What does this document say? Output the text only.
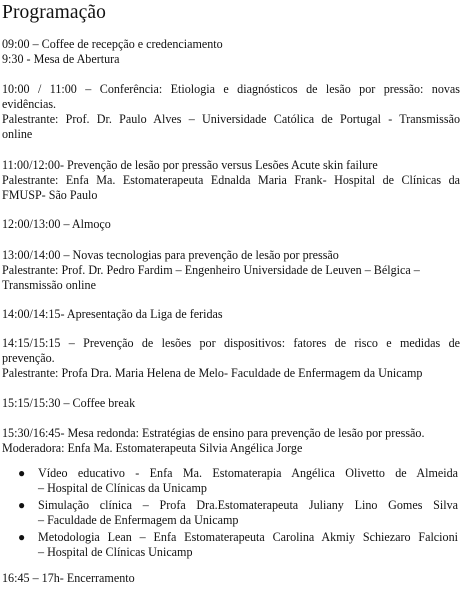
Programação
09:00 – Coffee de recepção e credenciamento
9:30 - Mesa de Abertura
10:00 / 11:00 – Conferência: Etiologia e diagnósticos de lesão por pressão: novas
evidências.
Palestrante: Prof. Dr. Paulo Alves – Universidade Católica de Portugal - Transmissão
online
11:00/12:00- Prevenção de lesão por pressão versus Lesões Acute skin failure
Palestrante: Enfa Ma. Estomaterapeuta Ednalda Maria Frank- Hospital de Clínicas da
FMUSP- São Paulo
12:00/13:00 – Almoço
13:00/14:00 – Novas tecnologias para prevenção de lesão por pressão
Palestrante: Prof. Dr. Pedro Fardim – Engenheiro Universidade de Leuven – Bélgica –
Transmissão online
14:00/14:15- Apresentação da Liga de feridas
14:15/15:15 – Prevenção de lesões por dispositivos: fatores de risco e medidas de
prevenção.
Palestrante: Profa Dra. Maria Helena de Melo- Faculdade de Enfermagem da Unicamp
15:15/15:30 – Coffee break
15:30/16:45- Mesa redonda: Estratégias de ensino para prevenção de lesão por pressão.
Moderadora: Enfa Ma. Estomaterapeuta Silvia Angélica Jorge
● Vídeo educativo - Enfa Ma. Estomaterapia Angélica Olivetto de Almeida
– Hospital de Clínicas da Unicamp
● Simulação clínica – Profa Dra.Estomaterapeuta Juliany Lino Gomes Silva
– Faculdade de Enfermagem da Unicamp
● Metodologia Lean – Enfa Estomaterapeuta Carolina Akmiy Schiezaro Falcioni
– Hospital de Clínicas Unicamp
16:45 – 17h- Encerramento
